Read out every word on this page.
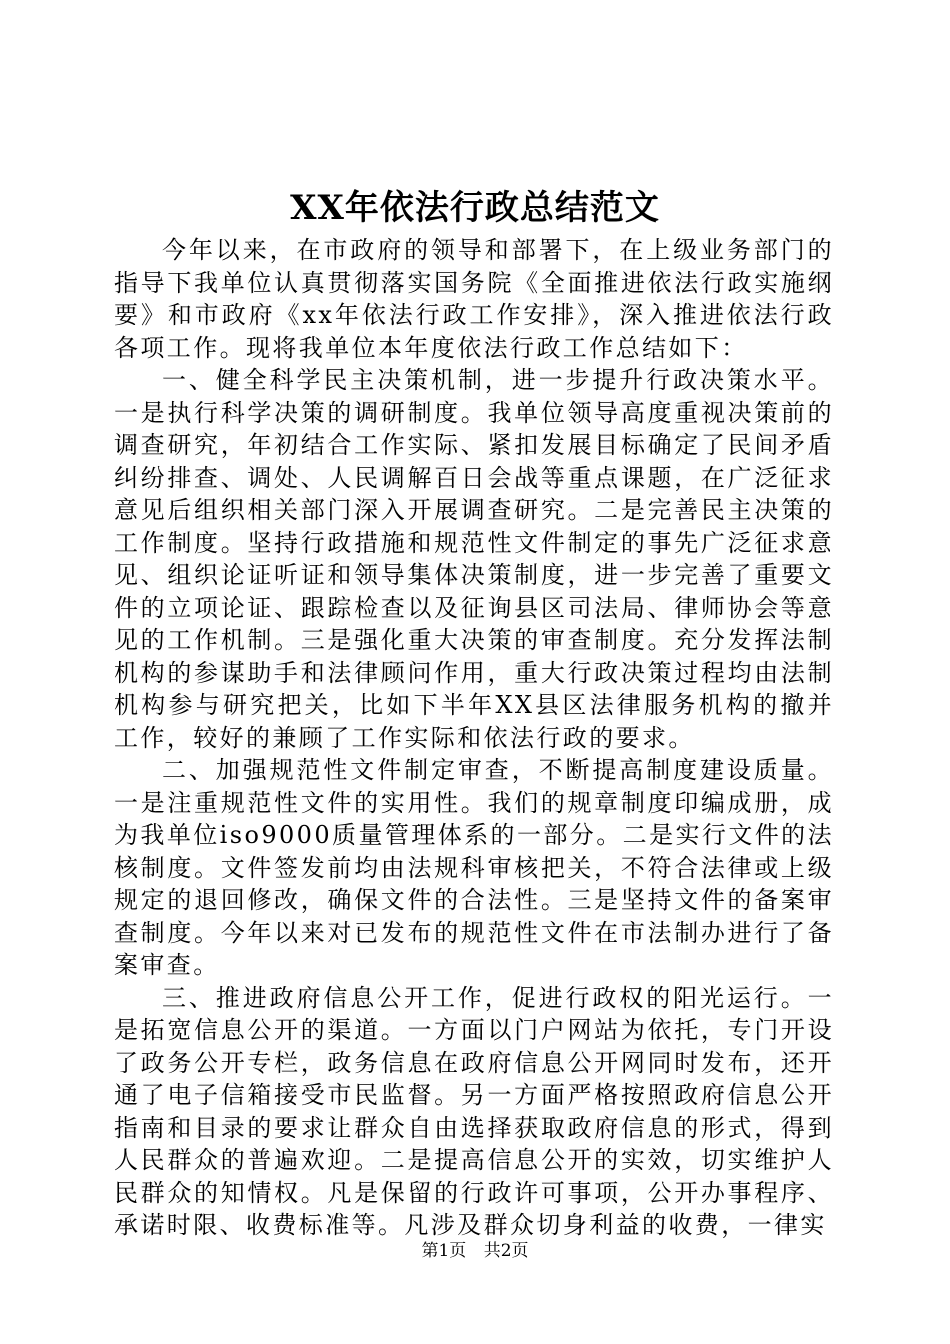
XX年依法行政总结范文

今年以来，在市政府的领导和部署下，在上级业务部门的指导下我单位认真贯彻落实国务院《全面推进依法行政实施纲要》和市政府《xx年依法行政工作安排》，深入推进依法行政各项工作。现将我单位本年度依法行政工作总结如下：

一、健全科学民主决策机制，进一步提升行政决策水平。一是执行科学决策的调研制度。我单位领导高度重视决策前的调查研究，年初结合工作实际、紧扣发展目标确定了民间矛盾纠纷排查、调处、人民调解百日会战等重点课题，在广泛征求意见后组织相关部门深入开展调查研究。二是完善民主决策的工作制度。坚持行政措施和规范性文件制定的事先广泛征求意见、组织论证听证和领导集体决策制度，进一步完善了重要文件的立项论证、跟踪检查以及征询县区司法局、律师协会等意见的工作机制。三是强化重大决策的审查制度。充分发挥法制机构的参谋助手和法律顾问作用，重大行政决策过程均由法制机构参与研究把关，比如下半年XX县区法律服务机构的撤并工作，较好的兼顾了工作实际和依法行政的要求。

二、加强规范性文件制定审查，不断提高制度建设质量。一是注重规范性文件的实用性。我们的规章制度印编成册，成为我单位iso9000质量管理体系的一部分。二是实行文件的法核制度。文件签发前均由法规科审核把关，不符合法律或上级规定的退回修改，确保文件的合法性。三是坚持文件的备案审查制度。今年以来对已发布的规范性文件在市法制办进行了备案审查。

三、推进政府信息公开工作，促进行政权的阳光运行。一是拓宽信息公开的渠道。一方面以门户网站为依托，专门开设了政务公开专栏，政务信息在政府信息公开网同时发布，还开通了电子信箱接受市民监督。另一方面严格按照政府信息公开指南和目录的要求让群众自由选择获取政府信息的形式，得到人民群众的普遍欢迎。二是提高信息公开的实效，切实维护人民群众的知情权。凡是保留的行政许可事项，公开办事程序、承诺时限、收费标准等。凡涉及群众切身利益的收费，一律实

第1页 共2页
